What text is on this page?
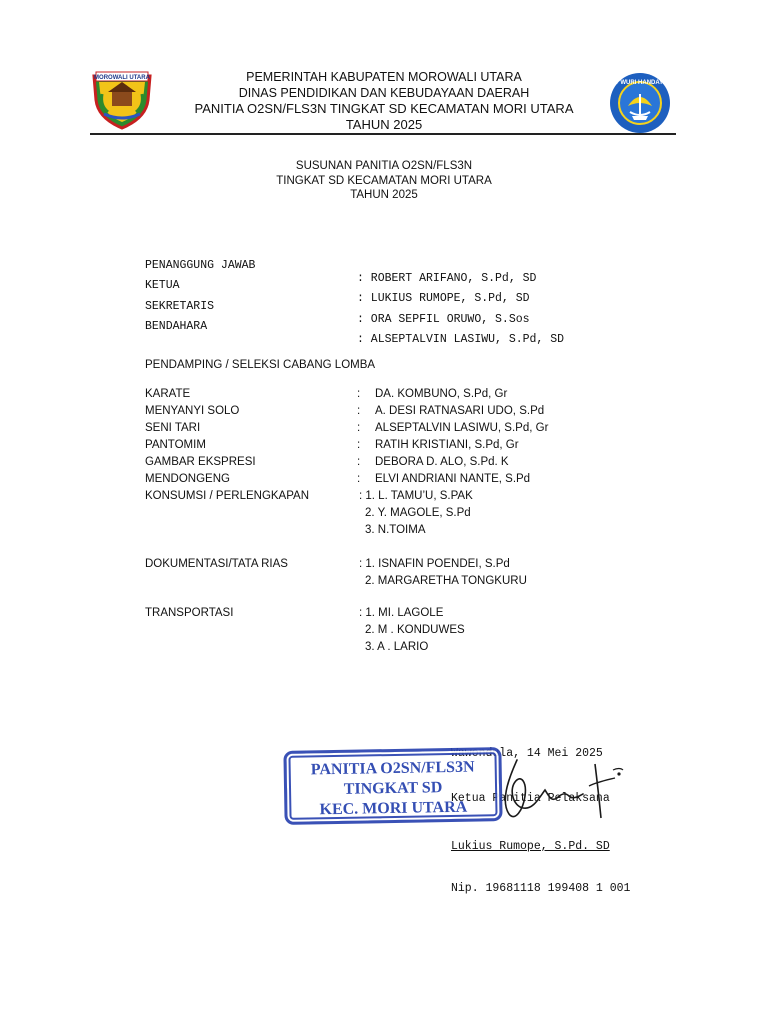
MOROWALI UTARA
TUT WURI HANDAYANI
PEMERINTAH KABUPATEN MOROWALI UTARA
DINAS PENDIDIKAN DAN KEBUDAYAAN DAERAH
PANITIA O2SN/FLS3N TINGKAT SD KECAMATAN MORI UTARA
TAHUN 2025
SUSUNAN PANITIA O2SN/FLS3N
TINGKAT SD KECAMATAN MORI UTARA
TAHUN 2025

PENANGGUNG JAWAB

: ROBERT ARIFANO, S.Pd, SD

KETUA

: LUKIUS RUMOPE, S.Pd, SD

SEKRETARIS

: ORA SEPFIL ORUWO, S.Sos

BENDAHARA

: ALSEPTALVIN LASIWU, S.Pd, SD

PENDAMPING / SELEKSI CABANG LOMBA
KARATE	: DA. KOMBUNO, S.Pd, Gr
MENYANYI SOLO	: A. DESI RATNASARI UDO, S.Pd
SENI TARI	: ALSEPTALVIN LASIWU, S.Pd, Gr
PANTOMIM	: RATIH KRISTIANI, S.Pd, Gr
GAMBAR EKSPRESI	: DEBORA D. ALO, S.Pd. K
MENDONGENG	: ELVI ANDRIANI NANTE, S.Pd
KONSUMSI / PERLENGKAPAN	: 1. L. TAMU’U, S.PAK
2. Y. MAGOLE, S.Pd
3. N.TOIMA
DOKUMENTASI/TATA RIAS	: 1. ISNAFIN POENDEI, S.Pd
2. MARGARETHA TONGKURU
TRANSPORTASI	: 1. MI. LAGOLE
2. M . KONDUWES
3. A . LARIO

Wawondula, 14 Mei 2025

Ketua Panitia Pelaksana

PANITIA O2SN/FLS3N
TINGKAT SD
KEC. MORI UTARA

Lukius Rumope, S.Pd. SD

Nip. 19681118 199408 1 001
